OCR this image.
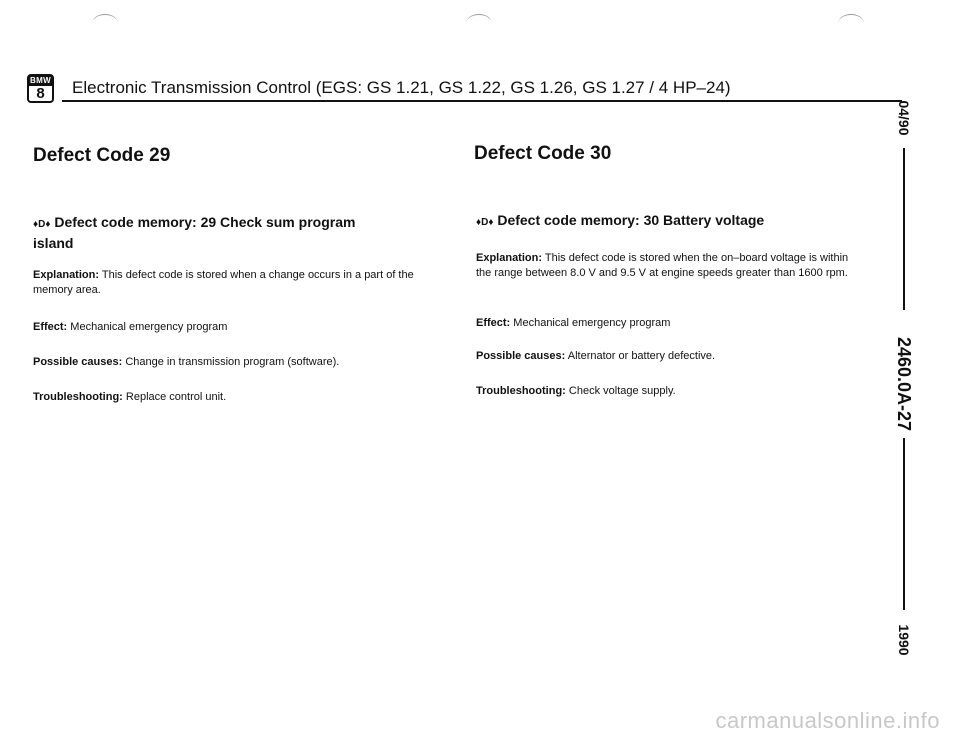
BMW
8 Electronic Transmission Control (EGS: GS 1.21, GS 1.22, GS 1.26, GS 1.27 / 4 HP–24)
Defect Code 29
♦D♦ Defect code memory: 29 Check sum program island
Explanation: This defect code is stored when a change occurs in a part of the memory area.
Effect: Mechanical emergency program
Possible causes: Change in transmission program (software).
Troubleshooting: Replace control unit.
Defect Code 30
♦D♦ Defect code memory: 30 Battery voltage
Explanation: This defect code is stored when the on–board voltage is within the range between 8.0 V and 9.5 V at engine speeds greater than 1600 rpm.
Effect: Mechanical emergency program
Possible causes: Alternator or battery defective.
Troubleshooting: Check voltage supply.
04/90
2460.0A-27
1990
carmanualsonline.info
